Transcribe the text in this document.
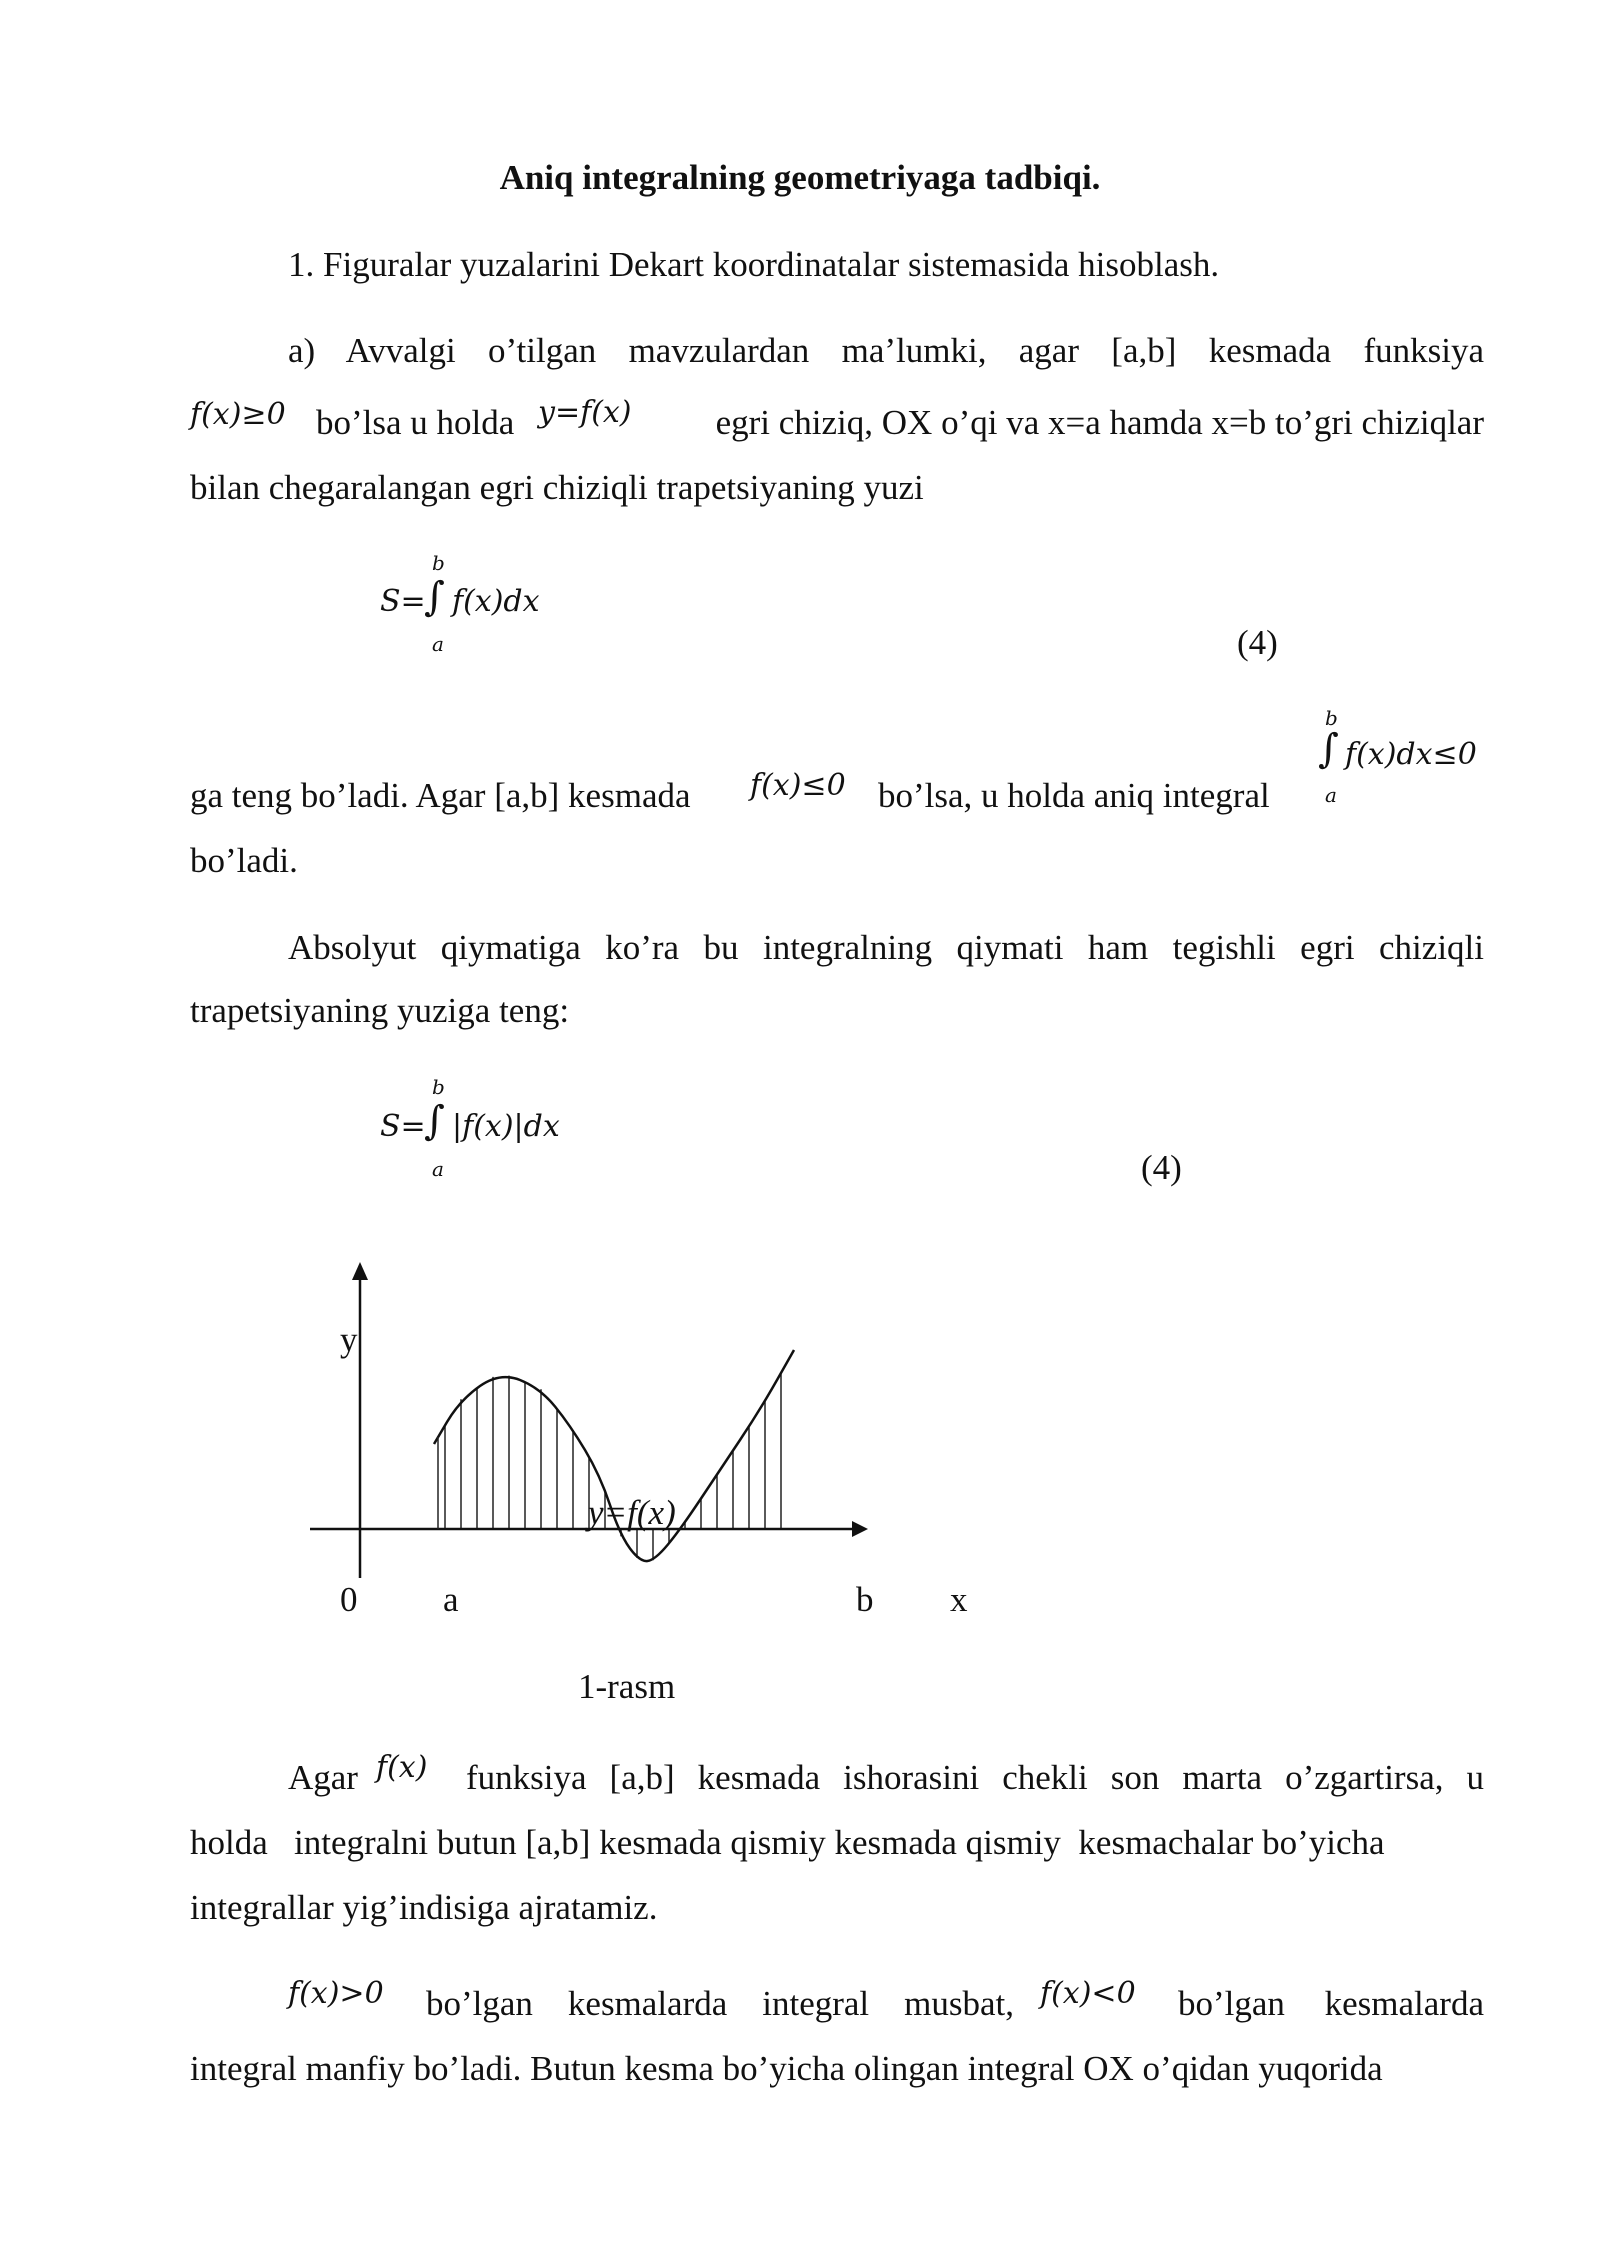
Aniq integralning geometriyaga tadbiqi.
1. Figuralar yuzalarini Dekart koordinatalar sistemasida hisoblash.
a) Avvalgi o’tilgan mavzulardan ma’lumki, agar [a,b] kesmada funksiya
f(x)≥0 bo’lsa u holda y=f(x)	egri chiziq, OX o’qi va x=a hamda x=b to’gri chiziqlar
bilan chegaralangan egri chiziqli trapetsiyaning yuzi
S=
b
∫
a
f(x)dx
(4)
ga teng bo’ladi. Agar [a,b] kesmada f(x)≤0 bo’lsa, u holda aniq integral
b
∫
a
f(x)dx≤0
bo’ladi.
Absolyut qiymatiga ko’ra bu integralning qiymati ham tegishli egri chiziqli
trapetsiyaning yuziga teng:
S=
b
∫
a
|f(x)|dx
(4)
y
y=f(x)
0 a	b x
1-rasm
Agar f(x) funksiya [a,b] kesmada ishorasini chekli son marta o’zgartirsa, u
holda   integralni butun [a,b] kesmada qismiy kesmada qismiy  kesmachalar bo’yicha
integrallar yig’indisiga ajratamiz.
f(x)>0 bo’lgan kesmalarda integral musbat, f(x)<0 bo’lgan kesmalarda
integral manfiy bo’ladi. Butun kesma bo’yicha olingan integral OX o’qidan yuqorida
